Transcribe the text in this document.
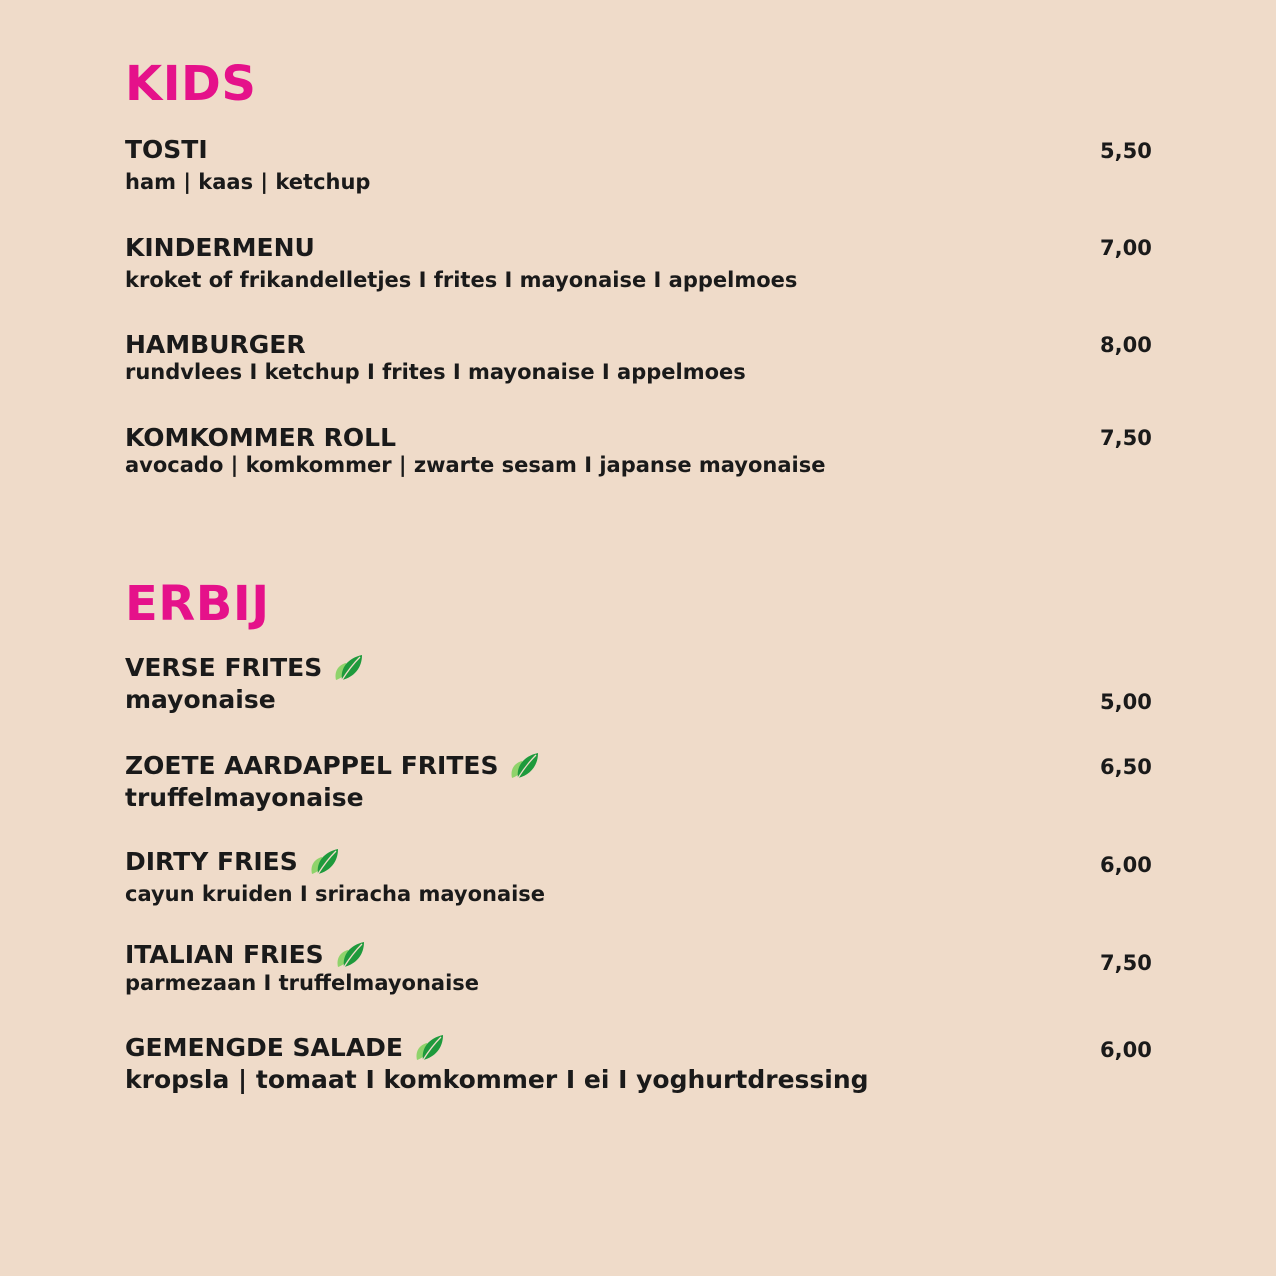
KIDS
TOSTI
ham | kaas | ketchup
5,50
KINDERMENU
kroket of frikandelletjes I frites I mayonaise I appelmoes
7,00
HAMBURGER
rundvlees I ketchup I frites I mayonaise I appelmoes
8,00
KOMKOMMER ROLL
avocado | komkommer | zwarte sesam I japanse mayonaise
7,50
ERBIJ
VERSE FRITES
mayonaise	5,00
ZOETE AARDAPPEL FRITES
truffelmayonaise
6,50
DIRTY FRIES
cayun kruiden I sriracha mayonaise
6,00
ITALIAN FRIES
parmezaan I truffelmayonaise
7,50
GEMENGDE SALADE
kropsla | tomaat I komkommer I ei I yoghurtdressing
6,00
